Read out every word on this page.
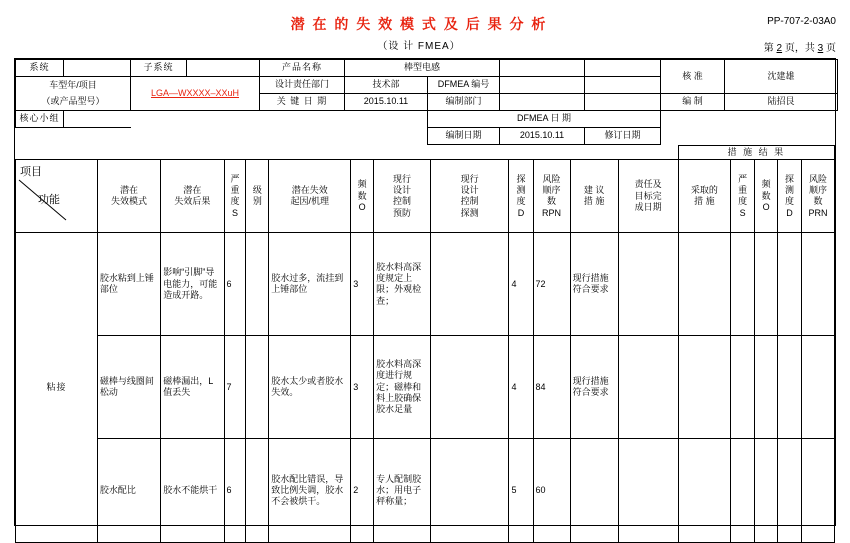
潜 在 的 失 效 模 式 及 后 果 分 析
（设 计 FMEA）
PP-707-2-03A0
第 2 页，共 3 页
系统		子系统		产品名称	棒型电感				核 准	沈建雄
车型年/项目		LGA—WXXXX–XXuH		设计责任部门	技术部	DFMEA 编号				
（或产品型号）				关 键 日 期	2015.10.11	编制部门			编 制	陆招艮
核心小组						DFMEA 日 期				
						编制日期	2015.10.11	修订日期		
													措 施 结 果				

项目
功能

潜在
失效模式

潜在
失效后果

严
重
度
S

级
别

潜在失效
起因/机理

频
数
O

现行
设计
控制
预防

现行
设计
控制
探测

探
测
度
D

风险
顺序
数
RPN

建 议
措 施

责任及
目标完
成日期

采取的
措 施

严
重
度
S

频
数
O

探
测
度
D

风险
顺序
数
PRN

粘接	胶水粘到上锤部位	影响“引脚”导电能力，可能造成开路。	6		胶水过多，流挂到上锤部位	3	胶水料高深度规定上限；外观检查；		4	72	现行措施符合要求						
	磁棒与线圈间松动	磁棒漏出，L值丢失	7		胶水太少或者胶水失效。	3	胶水料高深度进行规定；磁棒和料上胶确保胶水足量		4	84	现行措施符合要求						
	胶水配比	胶水不能烘干	6		胶水配比错误，导致比例失调，胶水不会被烘干。	2	专人配制胶水；用电子秤称量；		5	60							
